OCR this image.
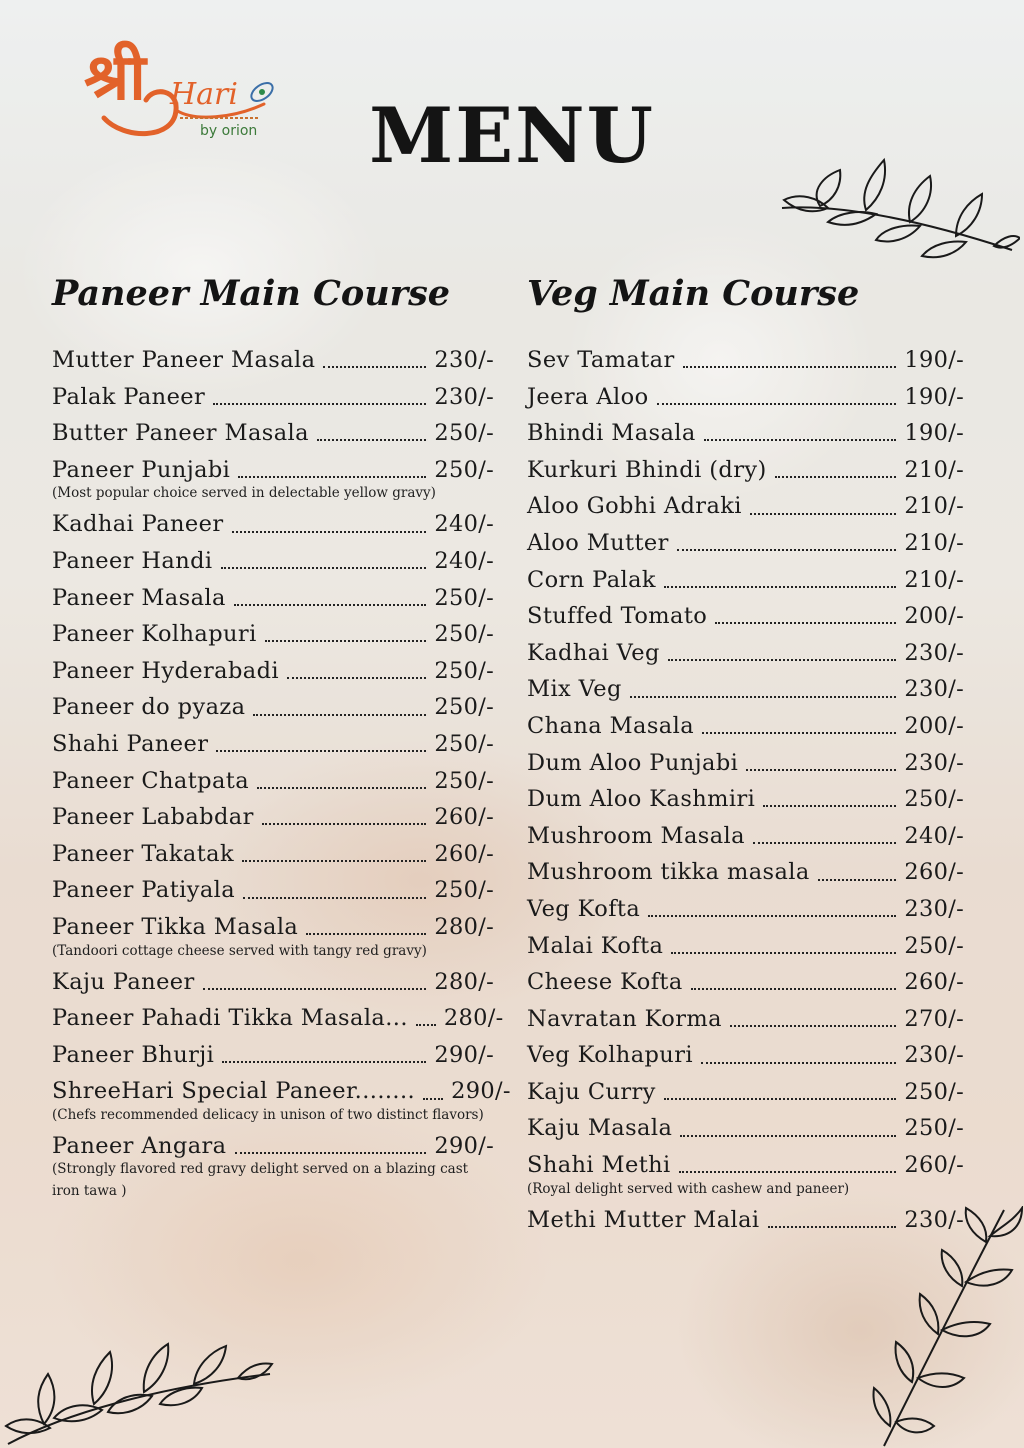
श्री Hari
by orion	MENU
Paneer Main Course
Mutter Paneer Masala	230/-
Palak Paneer	230/-
Butter Paneer Masala	250/-
Paneer Punjabi	250/-
(Most popular choice served in delectable yellow gravy)
Kadhai Paneer	240/-
Paneer Handi	240/-
Paneer Masala	250/-
Paneer Kolhapuri	250/-
Paneer Hyderabadi	250/-
Paneer do pyaza	250/-
Shahi Paneer	250/-
Paneer Chatpata	250/-
Paneer Lababdar	260/-
Paneer Takatak	260/-
Paneer Patiyala	250/-
Paneer Tikka Masala	280/-
(Tandoori cottage cheese served with tangy red gravy)
Kaju Paneer	280/-
Paneer Pahadi Tikka Masala... 280/-
Paneer Bhurji	290/-
ShreeHari Special Paneer........ 290/-
(Chefs recommended delicacy in unison of two distinct flavors)
Paneer Angara	290/-
(Strongly flavored red gravy delight served on a blazing cast iron tawa )
Veg Main Course
Sev Tamatar	190/-
Jeera Aloo	190/-
Bhindi Masala	190/-
Kurkuri Bhindi (dry)	210/-
Aloo Gobhi Adraki	210/-
Aloo Mutter	210/-
Corn Palak	210/-
Stuffed Tomato	200/-
Kadhai Veg	230/-
Mix Veg	230/-
Chana Masala	200/-
Dum Aloo Punjabi	230/-
Dum Aloo Kashmiri	250/-
Mushroom Masala	240/-
Mushroom tikka masala	260/-
Veg Kofta	230/-
Malai Kofta	250/-
Cheese Kofta	260/-
Navratan Korma	270/-
Veg Kolhapuri	230/-
Kaju Curry	250/-
Kaju Masala	250/-
Shahi Methi	260/-
(Royal delight served with cashew and paneer)
Methi Mutter Malai	230/-
